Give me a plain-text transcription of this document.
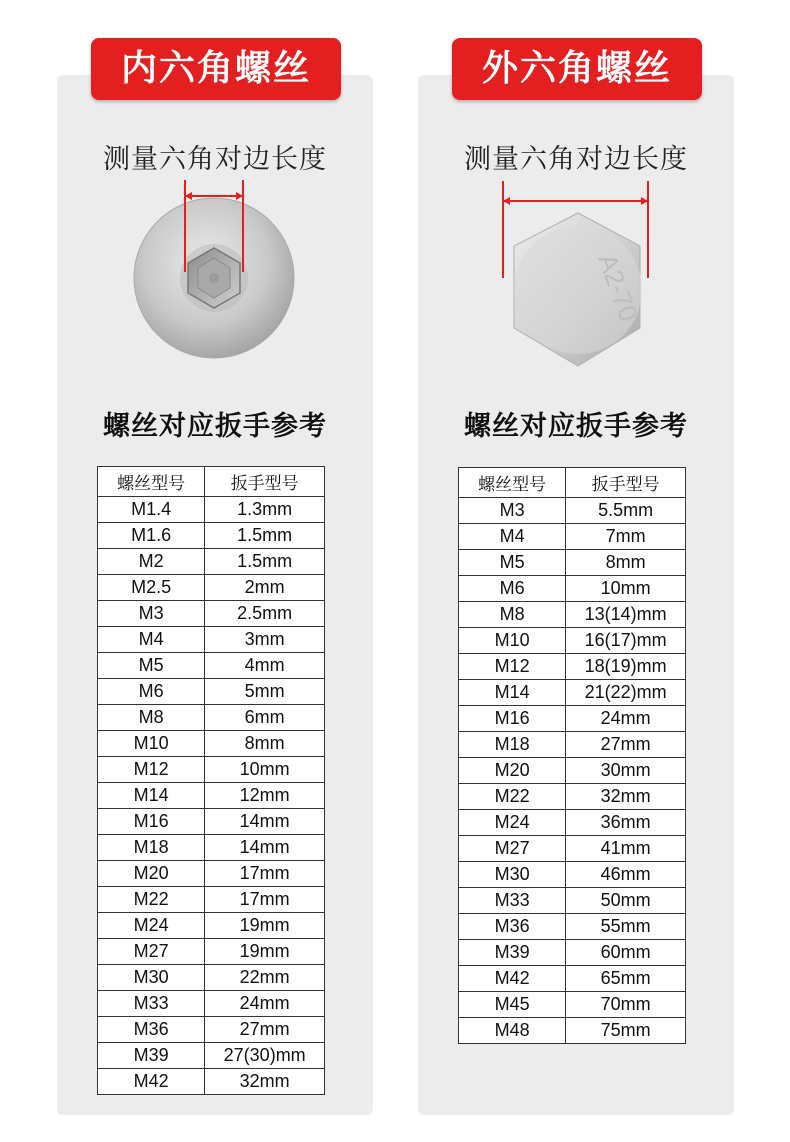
内六角螺丝	外六角螺丝
测量六角对边长度	测量六角对边长度
A2-70
螺丝对应扳手参考	螺丝对应扳手参考
螺丝型号	扳手型号
M1.4	1.3mm
M1.6	1.5mm
M2	1.5mm
M2.5	2mm
M3	2.5mm
M4	3mm
M5	4mm
M6	5mm
M8	6mm
M10	8mm
M12	10mm
M14	12mm
M16	14mm
M18	14mm
M20	17mm
M22	17mm
M24	19mm
M27	19mm
M30	22mm
M33	24mm
M36	27mm
M39	27(30)mm
M42	32mm
螺丝型号	扳手型号
M3	5.5mm
M4	7mm
M5	8mm
M6	10mm
M8	13(14)mm
M10	16(17)mm
M12	18(19)mm
M14	21(22)mm
M16	24mm
M18	27mm
M20	30mm
M22	32mm
M24	36mm
M27	41mm
M30	46mm
M33	50mm
M36	55mm
M39	60mm
M42	65mm
M45	70mm
M48	75mm
